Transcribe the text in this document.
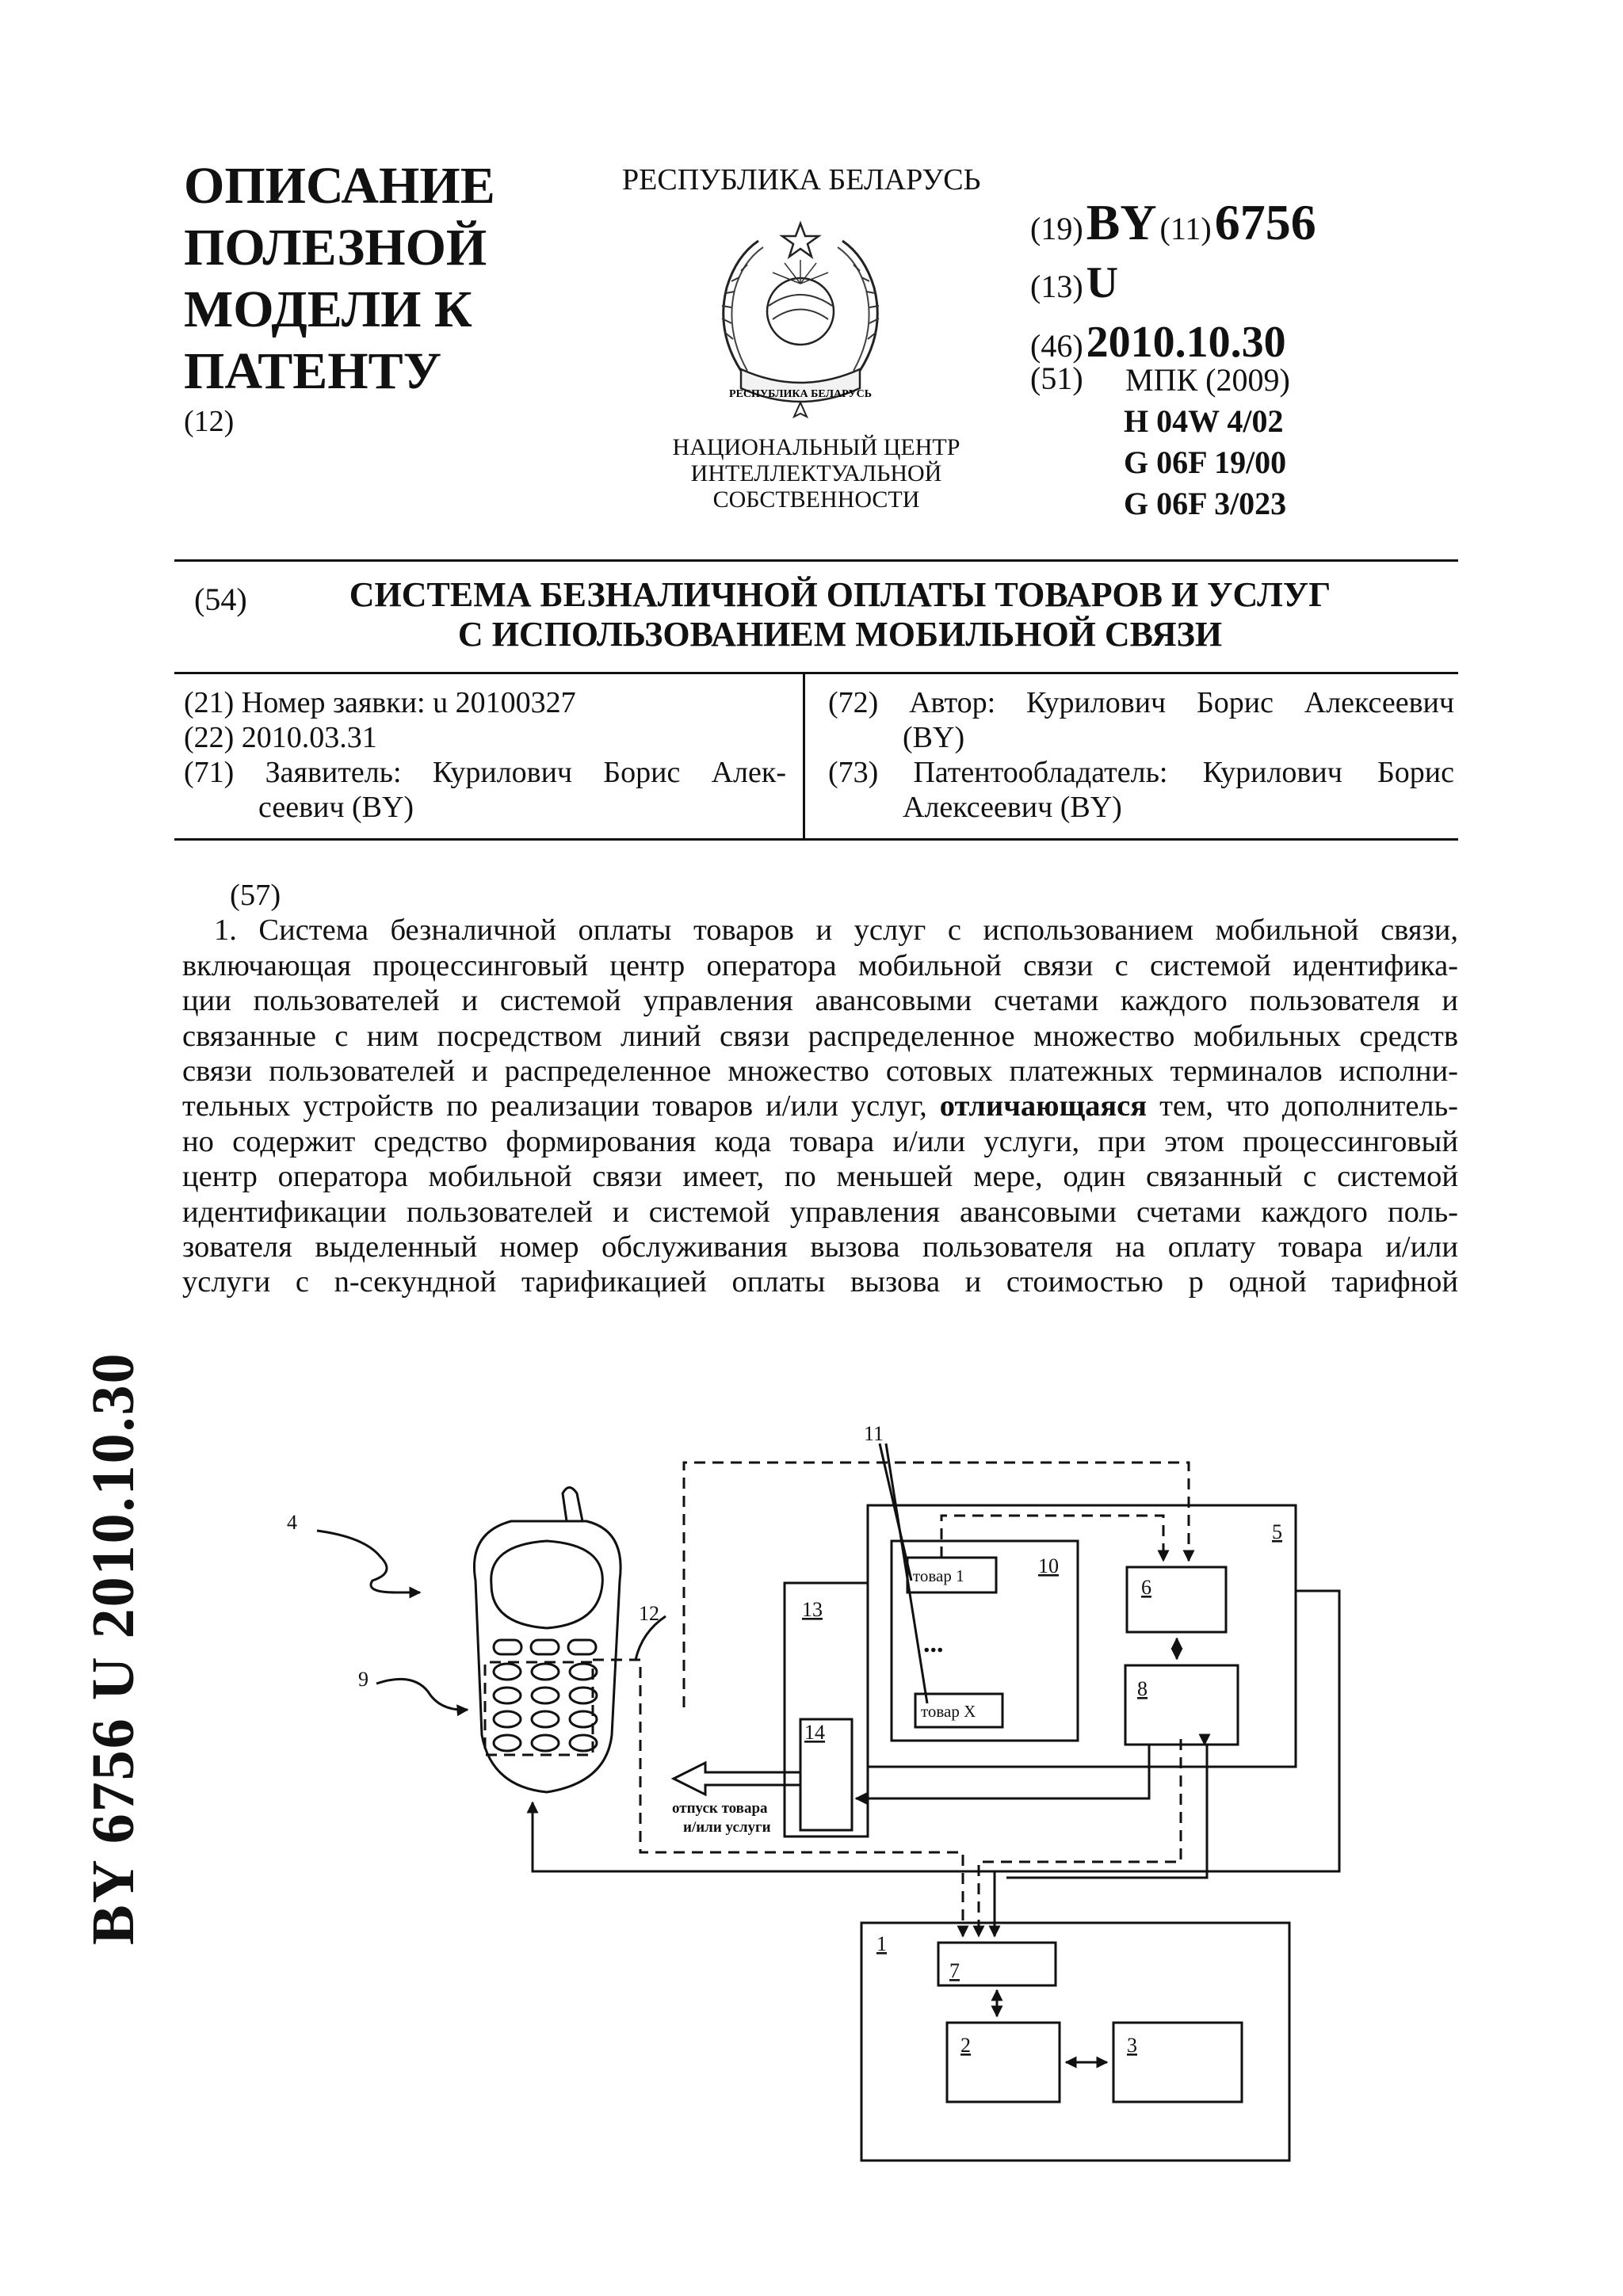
ОПИСАНИЕ
ПОЛЕЗНОЙ
МОДЕЛИ К
ПАТЕНТУ
(12)
РЕСПУБЛИКА БЕЛАРУСЬ
РЕСПУБЛИКА БЕЛАРУСЬ
НАЦИОНАЛЬНЫЙ ЦЕНТР
ИНТЕЛЛЕКТУАЛЬНОЙ
СОБСТВЕННОСТИ
(19) BY (11) 6756
(13) U
(46) 2010.10.30
(51) МПК (2009)
H 04W 4/02
G 06F 19/00
G 06F 3/023
(54)	СИСТЕМА БЕЗНАЛИЧНОЙ ОПЛАТЫ ТОВАРОВ И УСЛУГ
С ИСПОЛЬЗОВАНИЕМ МОБИЛЬНОЙ СВЯЗИ
(21) Номер заявки: u 20100327
(22) 2010.03.31
(71) Заявитель: Курилович Борис Алек-
сеевич (BY)
(72) Автор: Курилович Борис Алексеевич
(BY)
(73) Патентообладатель: Курилович Борис
Алексеевич (BY)
(57)
1. Система безналичной оплаты товаров и услуг с использованием мобильной связи,
включающая процессинговый центр оператора мобильной связи с системой идентифика-
ции пользователей и системой управления авансовыми счетами каждого пользователя и
связанные с ним посредством линий связи распределенное множество мобильных средств
связи пользователей и распределенное множество сотовых платежных терминалов исполни-
тельных устройств по реализации товаров и/или услуг, отличающаяся тем, что дополнитель-
но содержит средство формирования кода товара и/или услуги, при этом процессинговый
центр оператора мобильной связи имеет, по меньшей мере, один связанный с системой
идентификации пользователей и системой управления авансовыми счетами каждого поль-
зователя выделенный номер обслуживания вызова пользователя на оплату товара и/или
услуги с n-секундной тарификацией оплаты вызова и стоимостью р одной тарифной
4
9
12
11
5
10
6
8
13
14
1
7
2	3
товар 1
...
товар X
отпуск товара
и/или услуги
BY 6756 U 2010.10.30
